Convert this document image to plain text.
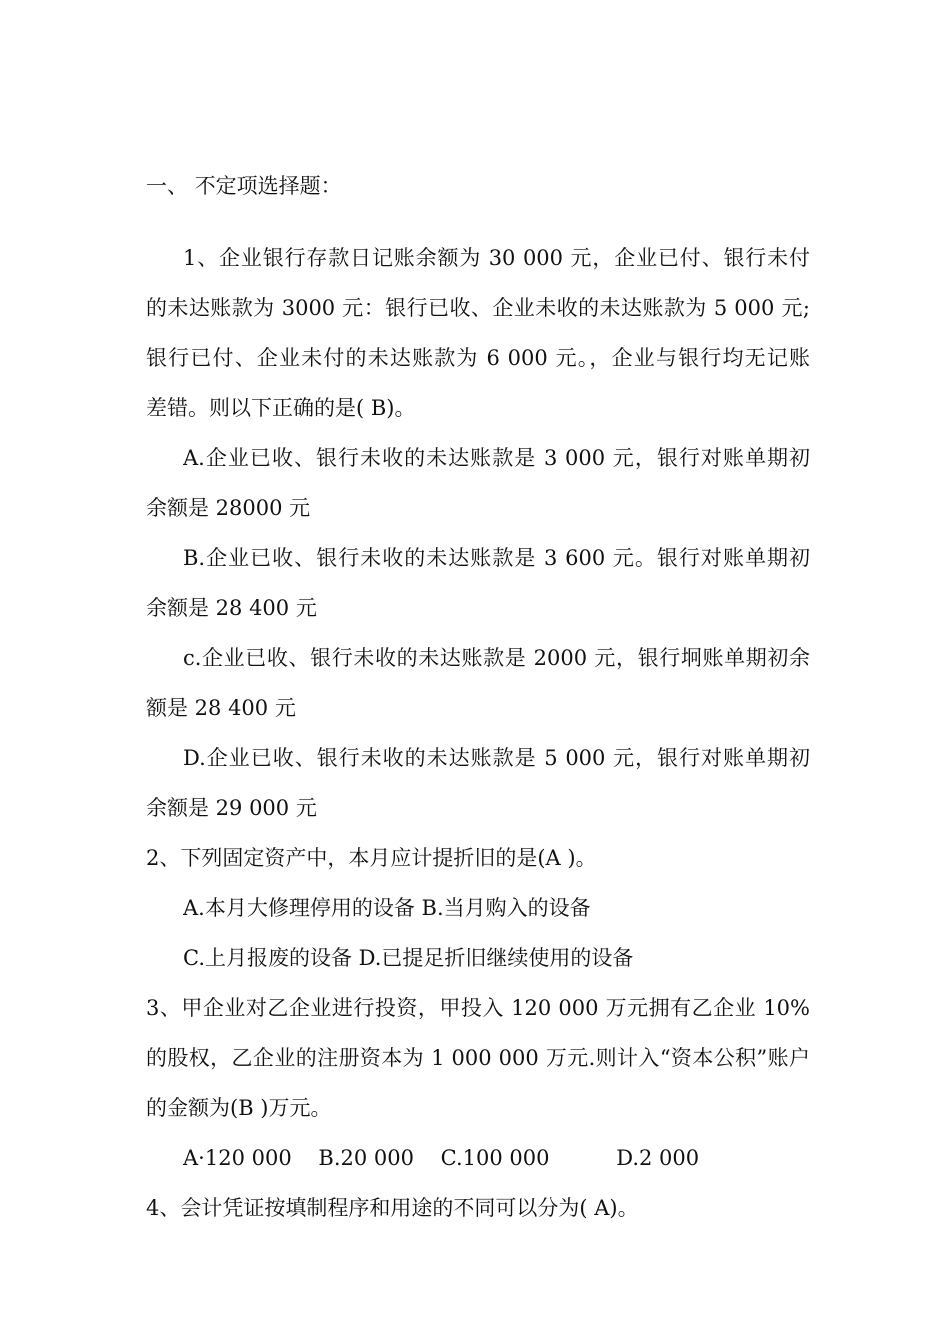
一、 不定项选择题：
1、企业银行存款日记账余额为 30 000 元，企业已付、银行未付
的未达账款为 3000 元：银行已收、企业未收的未达账款为 5 000 元;
银行已付、企业未付的未达账款为 6 000 元。，企业与银行均无记账
差错。则以下正确的是( B)。
A.企业已收、银行未收的未达账款是 3 000 元，银行对账单期初
余额是 28000 元
B.企业已收、银行未收的未达账款是 3 600 元。银行对账单期初
余额是 28 400 元
c.企业已收、银行未收的未达账款是 2000 元，银行坰账单期初余
额是 28 400 元
D.企业已收、银行未收的未达账款是 5 000 元，银行对账单期初
余额是 29 000 元
2、下列固定资产中，本月应计提折旧的是(A )。
A.本月大修理停用的设备 B.当月购入的设备
C.上月报废的设备 D.已提足折旧继续使用的设备
3、甲企业对乙企业进行投资，甲投入 120 000 万元拥有乙企业 10%
的股权，乙企业的注册资本为 1 000 000 万元.则计入“资本公积”账户
的金额为(B )万元。
A·120 000    B.20 000    C.100 000          D.2 000
4、会计凭证按填制程序和用途的不同可以分为( A)。
